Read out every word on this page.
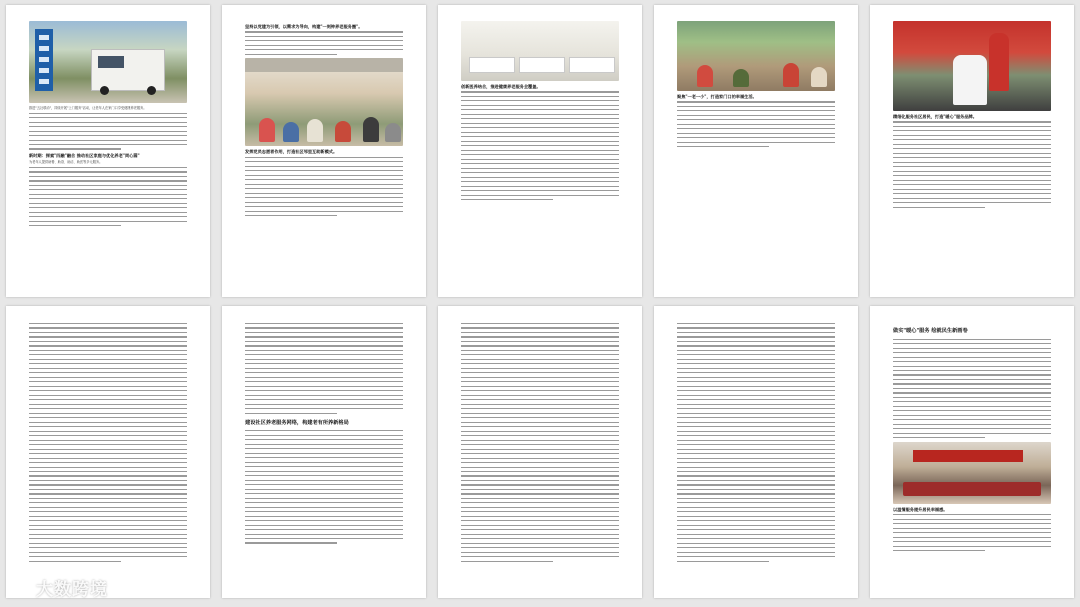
推进"五社联动"，持续开展"上门服务"活动，让老年人在家门口享受便捷养老服务。
新时期：探索"四融"融合 推动社区家庭与优化养老"同心圆"
为老年人提供助餐、助浴、助洁、助医等多元服务。
坚持以党建为引领，以需求为导向，构建"一刻钟养老服务圈"。
发挥党员志愿者作用，打造社区邻里互助新模式。
创新医养结合，推进健康养老服务全覆盖。
聚焦"一老一小"，打造家门口的幸福生活。
精细化服务社区居民，打造"暖心"服务品牌。
建设社区养老服务网络，构建老有所养新格局
做实"暖心"服务 绘就民生新画卷
以温情服务提升居民幸福感。
大数跨境
